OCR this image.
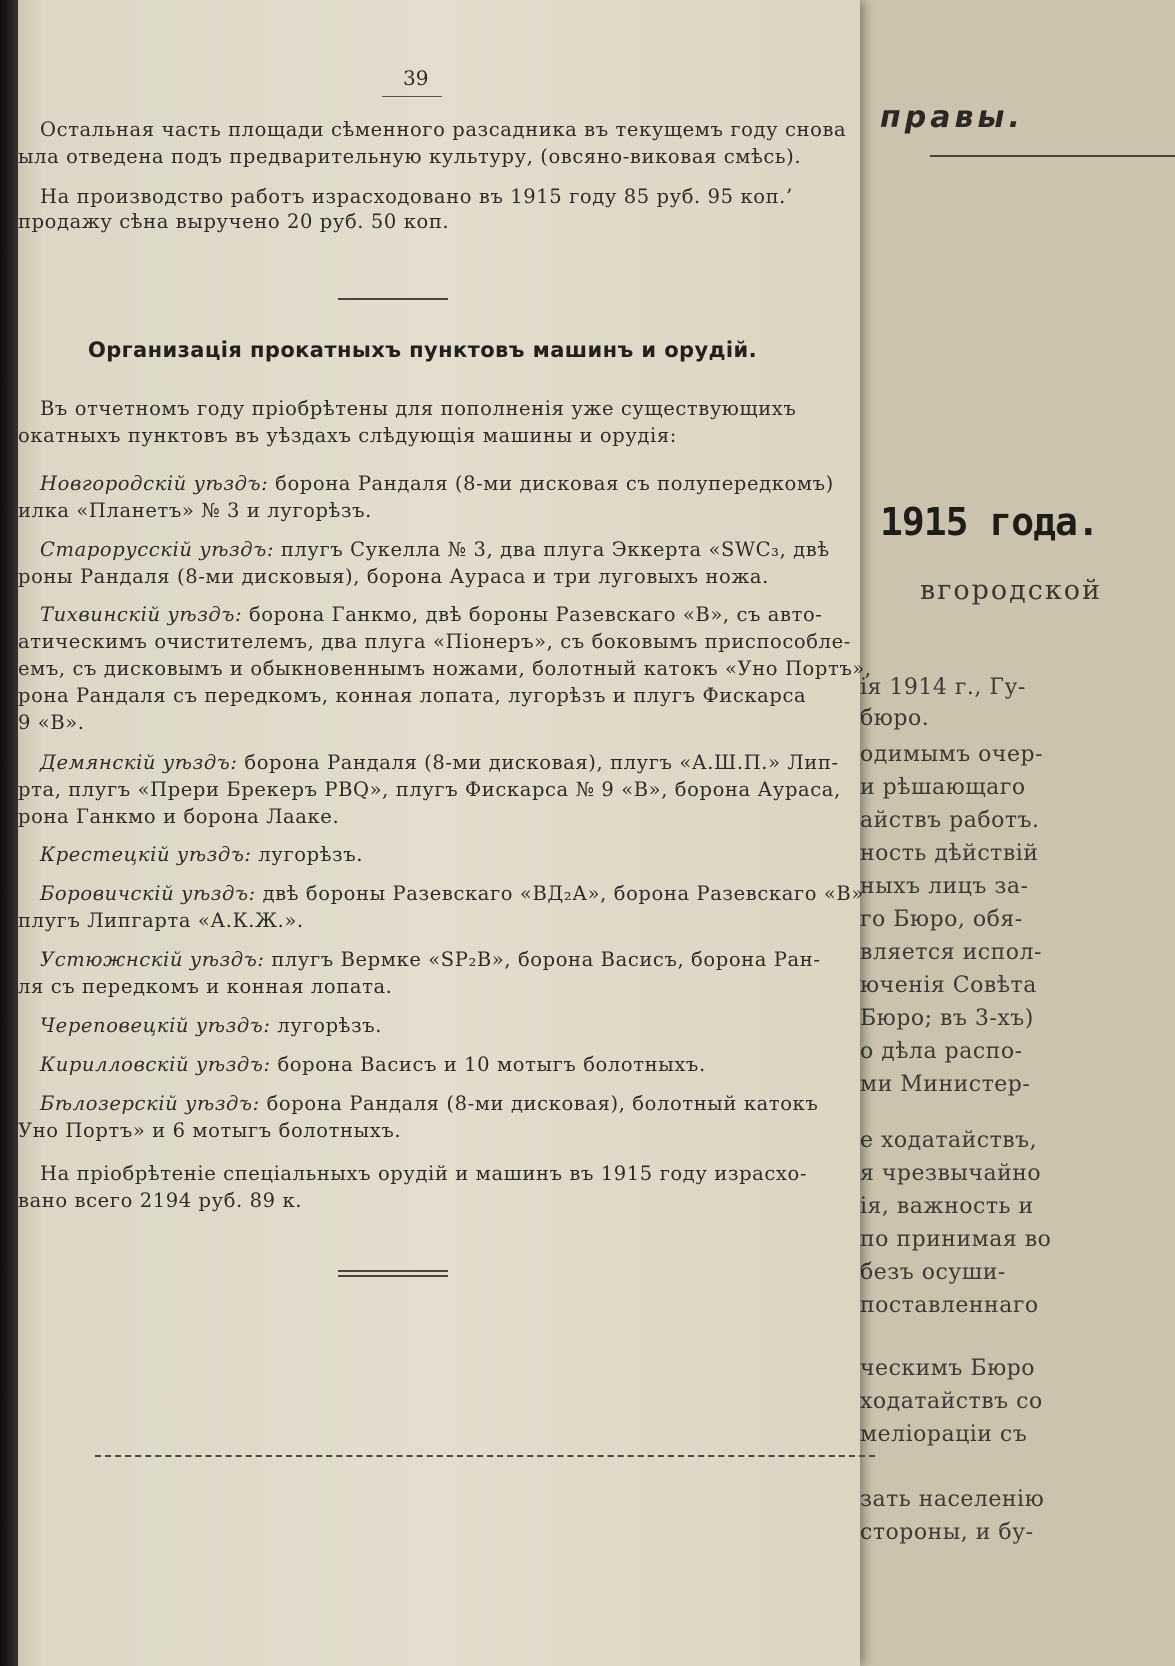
правы.
1915 года.
вгородской
ія 1914 г., Гу-
бюро.
одимымъ очер-
и рѣшающаго
айствъ работъ.
ность дѣйствій
ныхъ лицъ за-
го Бюро, обя-
вляется испол-
юченія Совѣта
Бюро; въ 3-хъ)
о дѣла распо-
ми Министер-
е ходатайствъ,
я чрезвычайно
ія, важность и
по принимая во
безъ осуши-
поставленнаго
ческимъ Бюро
ходатайствъ со
меліораціи съ
зать населенію
стороны, и бу-
39
Остальная часть площади сѣменного разсадника въ текущемъ году снова
ыла отведена подъ предварительную культуру, (овсяно-виковая смѣсь).
На производство работъ израсходовано въ 1915 году 85 руб. 95 коп.’
продажу сѣна выручено 20 руб. 50 коп.
Организація прокатныхъ пунктовъ машинъ и орудій.
Въ отчетномъ году пріобрѣтены для пополненія уже существующихъ
окатныхъ пунктовъ въ уѣздахъ слѣдующія машины и орудія:
Новгородскій уѣздъ: борона Рандаля (8-ми дисковая съ полупередкомъ)
илка «Планетъ» № 3 и лугорѣзъ.
Старорусскій уѣздъ: плугъ Сукелла № 3, два плуга Эккерта «SWC₃, двѣ
роны Рандаля (8-ми дисковыя), борона Аураса и три луговыхъ ножа.
Тихвинскій уѣздъ: борона Ганкмо, двѣ бороны Разевскаго «В», съ авто-
атическимъ очистителемъ, два плуга «Піонеръ», съ боковымъ приспособле-
емъ, съ дисковымъ и обыкновеннымъ ножами, болотный катокъ «Уно Портъ»,
рона Рандаля съ передкомъ, конная лопата, лугорѣзъ и плугъ Фискарса
9 «В».
Демянскій уѣздъ: борона Рандаля (8-ми дисковая), плугъ «А.Ш.П.» Лип-
рта, плугъ «Прери Брекеръ PBQ», плугъ Фискарса № 9 «В», борона Аураса,
рона Ганкмо и борона Лааке.
Крестецкій уѣздъ: лугорѣзъ.
Боровичскій уѣздъ: двѣ бороны Разевскаго «ВД₂А», борона Разевскаго «В»
плугъ Липгарта «А.К.Ж.».
Устюжнскій уѣздъ: плугъ Вермке «SP₂B», борона Васисъ, борона Ран-
ля съ передкомъ и конная лопата.
Череповецкій уѣздъ: лугорѣзъ.
Кирилловскій уѣздъ: борона Васисъ и 10 мотыгъ болотныхъ.
Бѣлозерскій уѣздъ: борона Рандаля (8-ми дисковая), болотный катокъ
Уно Портъ» и 6 мотыгъ болотныхъ.
На пріобрѣтеніе спеціальныхъ орудій и машинъ въ 1915 году израсхо-
вано всего 2194 руб. 89 к.
